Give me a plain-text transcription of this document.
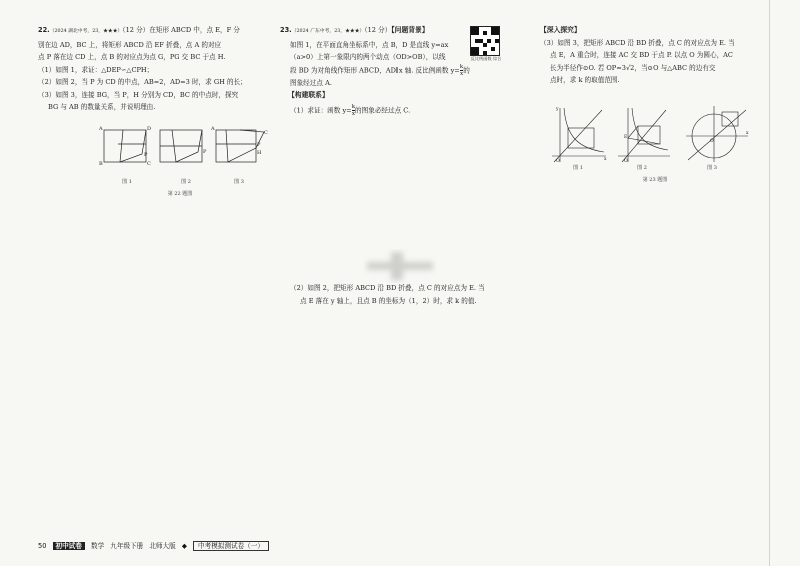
22.（2024 湖北中考，23，★★★）（12 分）在矩形 ABCD 中，点 E，F 分

别在边 AD，BC 上，将矩形 ABCD 沿 EF 折叠，点 A 的对应

点 P 落在边 CD 上，点 B 的对应点为点 G，PG 交 BC 于点 H.

（1）如图 1，求证：△DEP∽△CPH；

（2）如图 2，当 P 为 CD 的中点，AB=2，AD=3 时，求 GH 的长；

（3）如图 3，连接 BG，当 P，H 分别为 CD，BC 的中点时，探究

BG 与 AB 的数量关系，并说明理由.

A
B	C
D
P
A
P	H
P
C
图 1	图 2	图 3
第 22 题图

23.（2024 广东中考，23，★★★）（12 分）【问题背景】

如图 1，在平面直角坐标系中，点 B，D 是直线 y=ax

（a>0）上第一象限内的两个动点（OD>OB），以线

段 BD 为对角线作矩形 ABCD，AD∥x 轴. 反比例函数 $y= \frac{k}{x}$ 的

图象经过点 A.

【构建联系】

（1）求证：函数 $y= \frac{k}{x}$ 的图象必经过点 C.

反比例函数 综合

（2）如图 2，把矩形 ABCD 沿 BD 折叠，点 C 的对应点为 E. 当

点 E 落在 y 轴上，且点 B 的坐标为（1，2）时，求 k 的值.

【深入探究】

（3）如图 3，把矩形 ABCD 沿 BD 折叠，点 C 的对应点为 E. 当

点 E，A 重合时，连接 AC 交 BD 于点 P. 以点 O 为圆心，AC

长为半径作⊙O. 若 OP=3√2，当⊙O 与△ABC 的边有交

点时，求 k 的取值范围.

O	x
y
O
E
O
x
图 1	图 2	图 3
第 23 题图
50 初中试卷 数学 九年级下册 北师大版 ◆ 中考模拟测试卷（一）
